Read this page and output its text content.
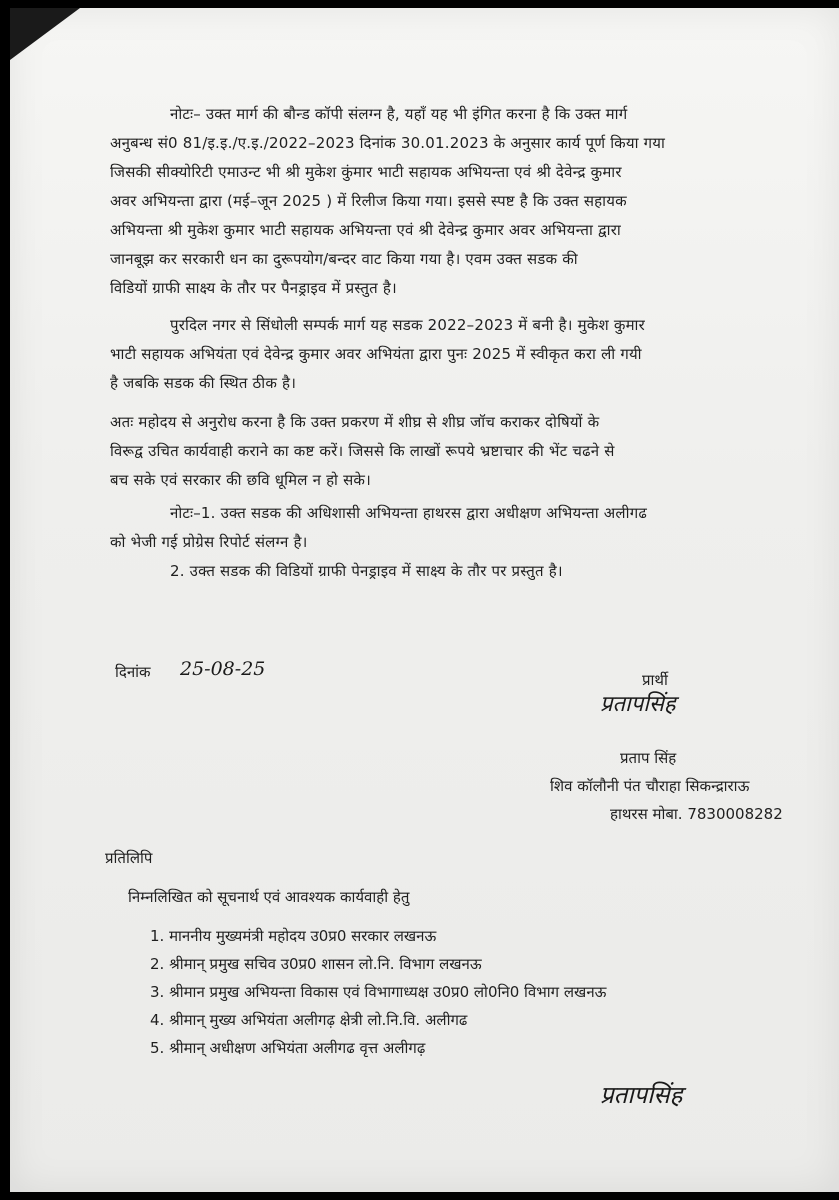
नोटः– उक्त मार्ग की बौन्ड कॉपी संलग्न है, यहाँ यह भी इंगित करना है कि उक्त मार्ग
अनुबन्ध सं0 81/इ.इ./ए.इ./2022–2023 दिनांक 30.01.2023 के अनुसार कार्य पूर्ण किया गया
जिसकी सीक्योरिटी एमाउन्ट भी श्री मुकेश कुंमार भाटी सहायक अभियन्ता एवं श्री देवेन्द्र कुमार
अवर अभियन्ता द्वारा (मई–जून 2025 ) में रिलीज किया गया। इससे स्पष्ट है कि उक्त सहायक
अभियन्ता श्री मुकेश कुमार भाटी सहायक अभियन्ता एवं श्री देवेन्द्र कुमार अवर अभियन्ता द्वारा
जानबूझ कर सरकारी धन का दुरूपयोग/बन्दर वाट किया गया है। एवम उक्त सडक की
विडियों ग्राफी साक्ष्य के तौर पर पैनड्राइव में प्रस्तुत है।
पुरदिल नगर से सिंधोली सम्पर्क मार्ग यह सडक 2022–2023 में बनी है। मुकेश कुमार
भाटी सहायक अभियंता एवं देवेन्द्र कुमार अवर अभियंता द्वारा पुनः 2025 में स्वीकृत करा ली गयी
है जबकि सडक की स्थित ठीक है।
अतः महोदय से अनुरोध करना है कि उक्त प्रकरण में शीघ्र से शीघ्र जॉच कराकर दोषियों के
विरूद्व उचित कार्यवाही कराने का कष्ट करें। जिससे कि लाखों रूपये भ्रष्टाचार की भेंट चढने से
बच सके एवं सरकार की छवि धूमिल न हो सके।
नोटः–1. उक्त सडक की अधिशासी अभियन्ता हाथरस द्वारा अधीक्षण अभियन्ता अलीगढ
को भेजी गई प्रोग्रेस रिपोर्ट संलग्न है।
2. उक्त सडक की विडियों ग्राफी पेनड्राइव में साक्ष्य के तौर पर प्रस्तुत है।
दिनांक 25-08-25	प्रार्थी
प्रतापसिंह
प्रताप सिंह
शिव कॉलौनी पंत चौराहा सिकन्द्राराऊ
हाथरस मोबा. 7830008282
प्रतिलिपि
निम्नलिखित को सूचनार्थ एवं आवश्यक कार्यवाही हेतु
1. माननीय मुख्यमंत्री महोदय उ0प्र0 सरकार लखनऊ
2. श्रीमान् प्रमुख सचिव उ0प्र0 शासन लो.नि. विभाग लखनऊ
3. श्रीमान प्रमुख अभियन्ता विकास एवं विभागाध्यक्ष उ0प्र0 लो0नि0 विभाग लखनऊ
4. श्रीमान् मुख्य अभियंता अलीगढ़ क्षेत्री लो.नि.वि. अलीगढ
5. श्रीमान् अधीक्षण अभियंता अलीगढ वृत्त अलीगढ़
प्रतापसिंह
